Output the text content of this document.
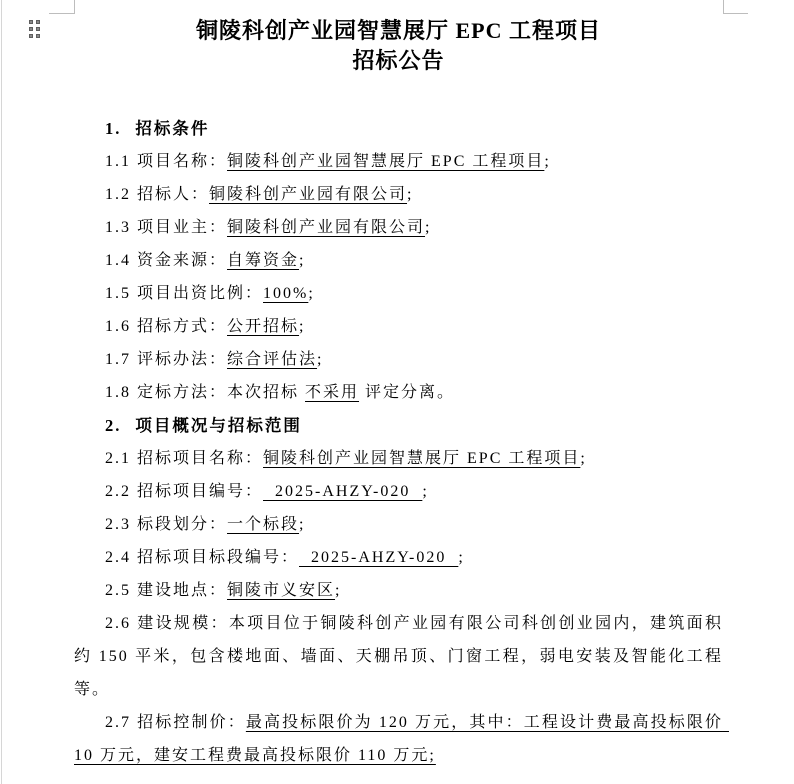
铜陵科创产业园智慧展厅 EPC 工程项目
招标公告

1. 招标条件

1.1 项目名称：铜陵科创产业园智慧展厅 EPC 工程项目;

1.2 招标人：铜陵科创产业园有限公司;

1.3 项目业主：铜陵科创产业园有限公司;

1.4 资金来源：自筹资金;

1.5 项目出资比例：100%;

1.6 招标方式：公开招标;

1.7 评标办法：综合评估法;

1.8 定标方法：本次招标 不采用 评定分离。

2. 项目概况与招标范围

2.1 招标项目名称：铜陵科创产业园智慧展厅 EPC 工程项目;

2.2 招标项目编号：  2025-AHZY-020  ;

2.3 标段划分：一个标段;

2.4 招标项目标段编号：  2025-AHZY-020  ;

2.5 建设地点：铜陵市义安区;

2.6 建设规模：本项目位于铜陵科创产业园有限公司科创创业园内，建筑面积约 150 平米，包含楼地面、墙面、天棚吊顶、门窗工程，弱电安装及智能化工程等。

2.7 招标控制价：最高投标限价为 120 万元，其中：工程设计费最高投标限价 10 万元，建安工程费最高投标限价 110 万元;
